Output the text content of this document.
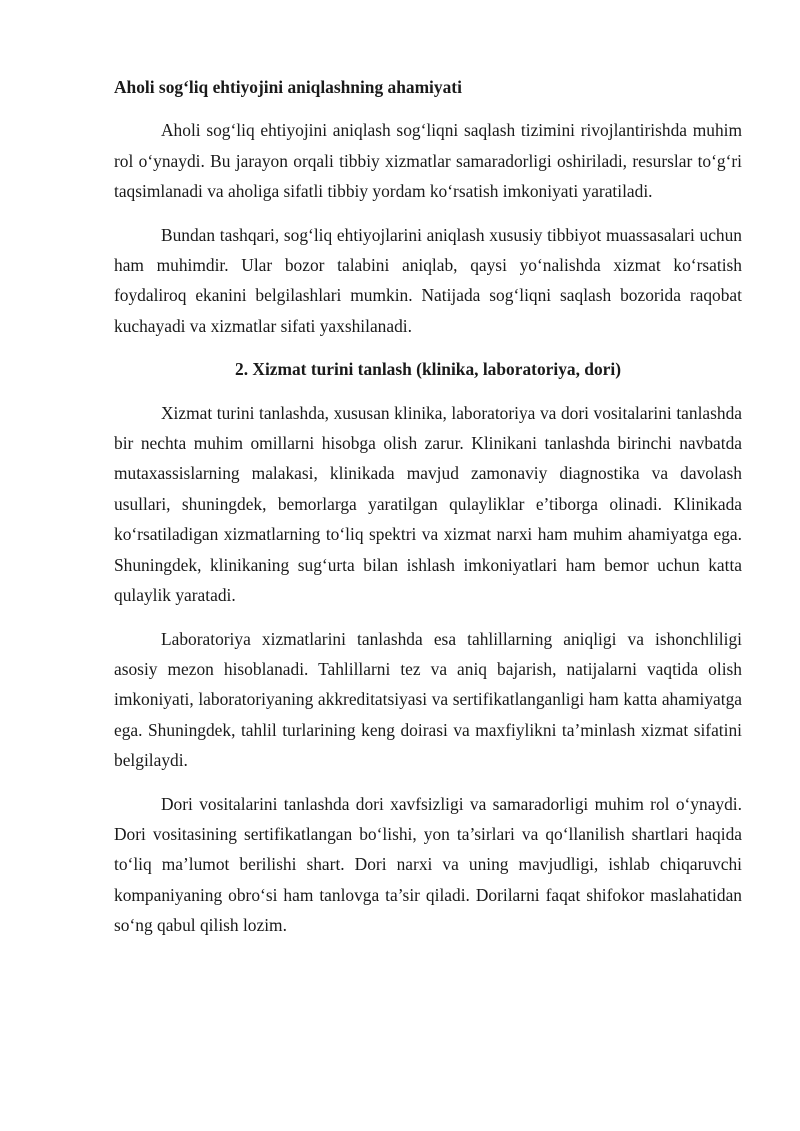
Aholi sog‘liq ehtiyojini aniqlashning ahamiyati

Aholi sog‘liq ehtiyojini aniqlash sog‘liqni saqlash tizimini rivojlantirishda muhim rol o‘ynaydi. Bu jarayon orqali tibbiy xizmatlar samaradorligi oshiriladi, resurslar to‘g‘ri taqsimlanadi va aholiga sifatli tibbiy yordam ko‘rsatish imkoniyati yaratiladi.

Bundan tashqari, sog‘liq ehtiyojlarini aniqlash xususiy tibbiyot muassasalari uchun ham muhimdir. Ular bozor talabini aniqlab, qaysi yo‘nalishda xizmat ko‘rsatish foydaliroq ekanini belgilashlari mumkin. Natijada sog‘liqni saqlash bozorida raqobat kuchayadi va xizmatlar sifati yaxshilanadi.

2. Xizmat turini tanlash (klinika, laboratoriya, dori)

Xizmat turini tanlashda, xususan klinika, laboratoriya va dori vositalarini tanlashda bir nechta muhim omillarni hisobga olish zarur. Klinikani tanlashda birinchi navbatda mutaxassislarning malakasi, klinikada mavjud zamonaviy diagnostika va davolash usullari, shuningdek, bemorlarga yaratilgan qulayliklar e’tiborga olinadi. Klinikada ko‘rsatiladigan xizmatlarning to‘liq spektri va xizmat narxi ham muhim ahamiyatga ega. Shuningdek, klinikaning sug‘urta bilan ishlash imkoniyatlari ham bemor uchun katta qulaylik yaratadi.

Laboratoriya xizmatlarini tanlashda esa tahlillarning aniqligi va ishonchliligi asosiy mezon hisoblanadi. Tahlillarni tez va aniq bajarish, natijalarni vaqtida olish imkoniyati, laboratoriyaning akkreditatsiyasi va sertifikatlanganligi ham katta ahamiyatga ega. Shuningdek, tahlil turlarining keng doirasi va maxfiylikni ta’minlash xizmat sifatini belgilaydi.

Dori vositalarini tanlashda dori xavfsizligi va samaradorligi muhim rol o‘ynaydi. Dori vositasining sertifikatlangan bo‘lishi, yon ta’sirlari va qo‘llanilish shartlari haqida to‘liq ma’lumot berilishi shart. Dori narxi va uning mavjudligi, ishlab chiqaruvchi kompaniyaning obro‘si ham tanlovga ta’sir qiladi. Dorilarni faqat shifokor maslahatidan so‘ng qabul qilish lozim.
